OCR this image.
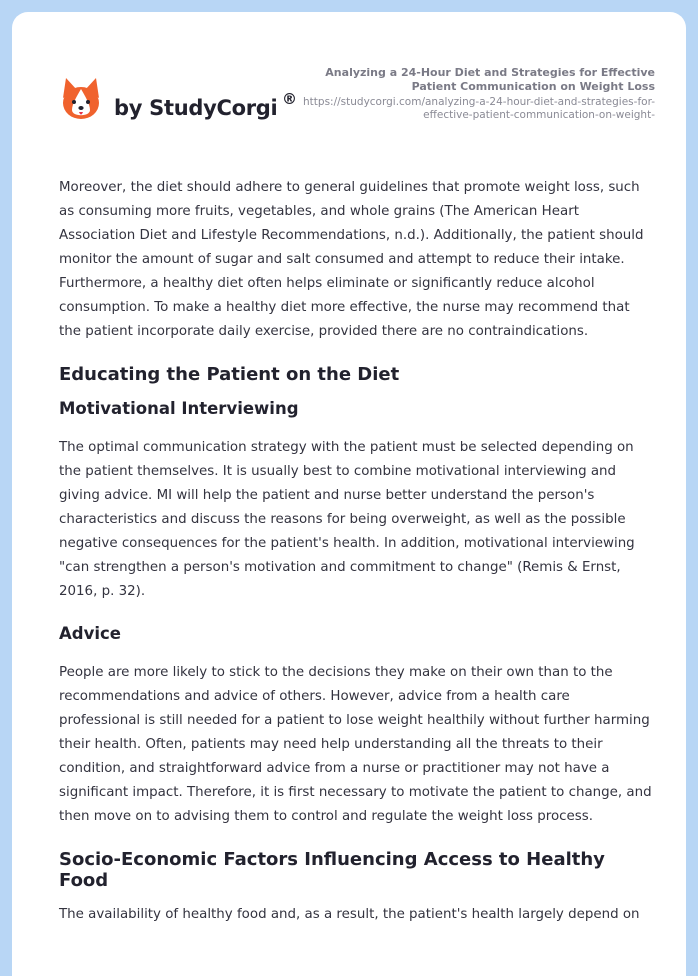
by StudyCorgi ®
Analyzing a 24-Hour Diet and Strategies for Effective Patient Communication on Weight Loss
https://studycorgi.com/analyzing-a-24-hour-diet-and-strategies-for-effective-patient-communication-on-weight-

Moreover, the diet should adhere to general guidelines that promote weight loss, such as consuming more fruits, vegetables, and whole grains (The American Heart Association Diet and Lifestyle Recommendations, n.d.). Additionally, the patient should monitor the amount of sugar and salt consumed and attempt to reduce their intake. Furthermore, a healthy diet often helps eliminate or significantly reduce alcohol consumption. To make a healthy diet more effective, the nurse may recommend that the patient incorporate daily exercise, provided there are no contraindications.

Educating the Patient on the Diet
Motivational Interviewing

The optimal communication strategy with the patient must be selected depending on the patient themselves. It is usually best to combine motivational interviewing and giving advice. MI will help the patient and nurse better understand the person's characteristics and discuss the reasons for being overweight, as well as the possible negative consequences for the patient's health. In addition, motivational interviewing "can strengthen a person's motivation and commitment to change" (Remis & Ernst, 2016, p. 32).

Advice

People are more likely to stick to the decisions they make on their own than to the recommendations and advice of others. However, advice from a health care professional is still needed for a patient to lose weight healthily without further harming their health. Often, patients may need help understanding all the threats to their condition, and straightforward advice from a nurse or practitioner may not have a significant impact. Therefore, it is first necessary to motivate the patient to change, and then move on to advising them to control and regulate the weight loss process.

Socio-Economic Factors Influencing Access to Healthy Food

The availability of healthy food and, as a result, the patient's health largely depend on
